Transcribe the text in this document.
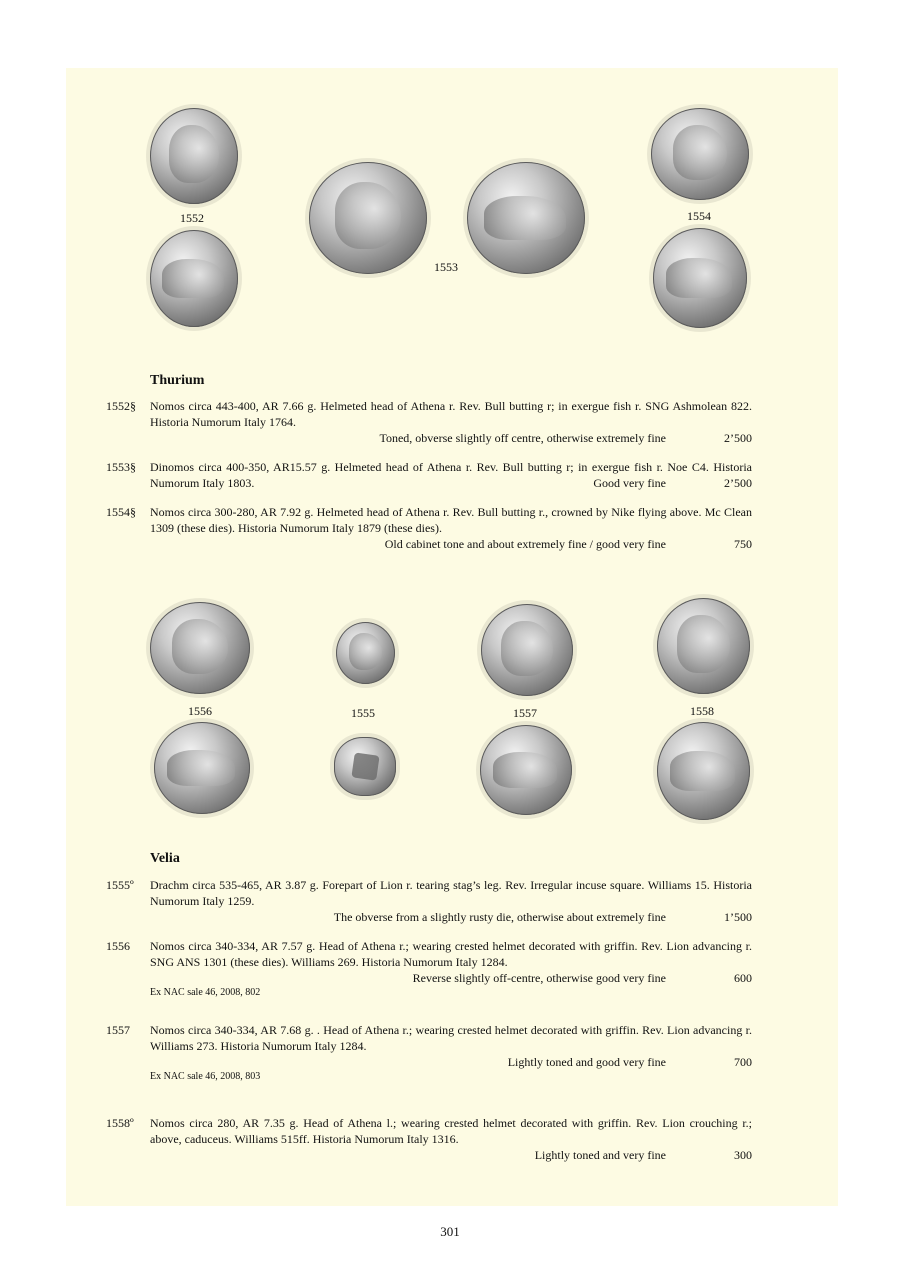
1552
1553
1554
Thurium
1552§ Nomos circa 443-400, AR 7.66 g. Helmeted head of Athena r. Rev. Bull butting r; in exergue fish r. SNG Ashmolean 822. Historia Numorum Italy 1764.
Toned, obverse slightly off centre, otherwise extremely fine	2’500
1553§ Dinomos circa 400-350, AR15.57 g. Helmeted head of Athena r. Rev. Bull butting r; in exergue fish r. Noe C4. Historia Numorum Italy 1803.	Good very fine	2’500
1554§ Nomos circa 300-280, AR 7.92 g. Helmeted head of Athena r. Rev. Bull butting r., crowned by Nike flying above. Mc Clean 1309 (these dies). Historia Numorum Italy 1879 (these dies).
Old cabinet tone and about extremely fine / good very fine	750
1556	1555	1557	1558
Velia
1555º Drachm circa 535-465, AR 3.87 g. Forepart of Lion r. tearing stag’s leg. Rev. Irregular incuse square. Williams 15. Historia Numorum Italy 1259.
The obverse from a slightly rusty die, otherwise about extremely fine	1’500
1556 Nomos circa 340-334, AR 7.57 g. Head of Athena r.; wearing crested helmet decorated with griffin. Rev. Lion advancing r. SNG ANS 1301 (these dies). Williams 269. Historia Numorum Italy 1284.
Reverse slightly off-centre, otherwise good very fine	600
Ex NAC sale 46, 2008, 802
1557 Nomos circa 340-334, AR 7.68 g. . Head of Athena r.; wearing crested helmet decorated with griffin. Rev. Lion advancing r. Williams 273. Historia Numorum Italy 1284.
Lightly toned and good very fine	700
Ex NAC sale 46, 2008, 803
1558º Nomos circa 280, AR 7.35 g. Head of Athena l.; wearing crested helmet decorated with griffin. Rev. Lion crouching r.; above, caduceus. Williams 515ff. Historia Numorum Italy 1316.
Lightly toned and very fine	300
301
